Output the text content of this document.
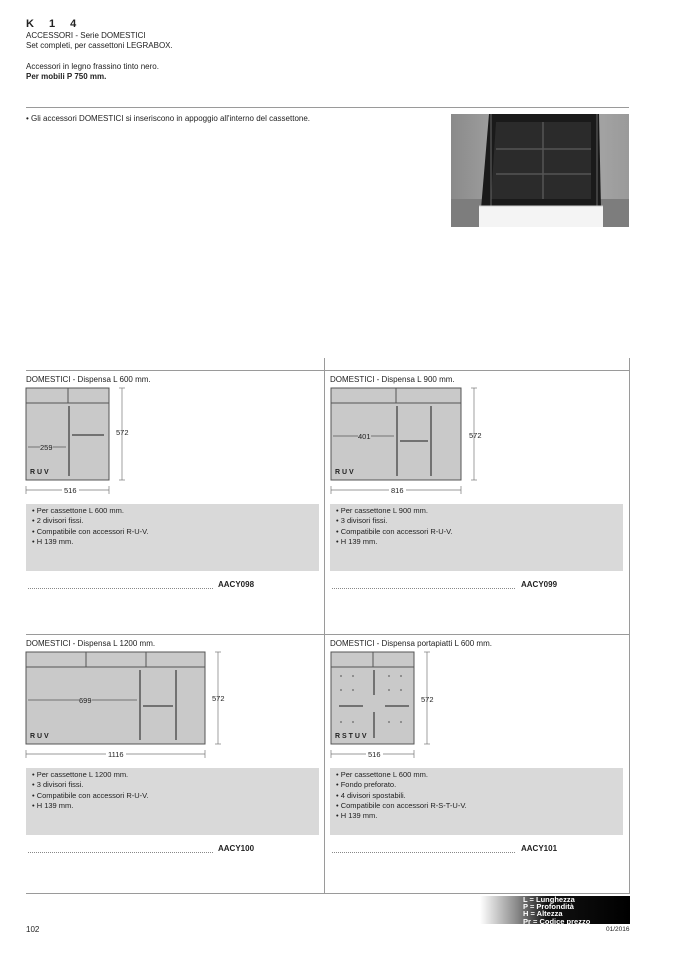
K 1 4
ACCESSORI - Serie DOMESTICI
Set completi, per cassettoni LEGRABOX.
Accessori in legno frassino tinto nero.
Per mobili P 750 mm.
• Gli accessori DOMESTICI si inseriscono in appoggio all'interno del cassettone.
DOMESTICI - Dispensa L 600 mm.
259
572
516
R U V
• Per cassettone L 600 mm.
• 2 divisori fissi.
• Compatibile con accessori R-U-V.
• H 139 mm.
AACY098
DOMESTICI - Dispensa L 900 mm.
401	572
816
R U V
• Per cassettone L 900 mm.
• 3 divisori fissi.
• Compatibile con accessori R-U-V.
• H 139 mm.
AACY099
DOMESTICI - Dispensa L 1200 mm.
699	572
1116
R U V
• Per cassettone L 1200 mm.
• 3 divisori fissi.
• Compatibile con accessori R-U-V.
• H 139 mm.
AACY100
DOMESTICI - Dispensa portapiatti L 600 mm.
572
516
R S T U V
• Per cassettone L 600 mm.
• Fondo preforato.
• 4 divisori spostabili.
• Compatibile con accessori R-S-T-U-V.
• H 139 mm.
AACY101
L = Lunghezza
P = Profondità
H = Altezza
Pr = Codice prezzo
102	01/2016
